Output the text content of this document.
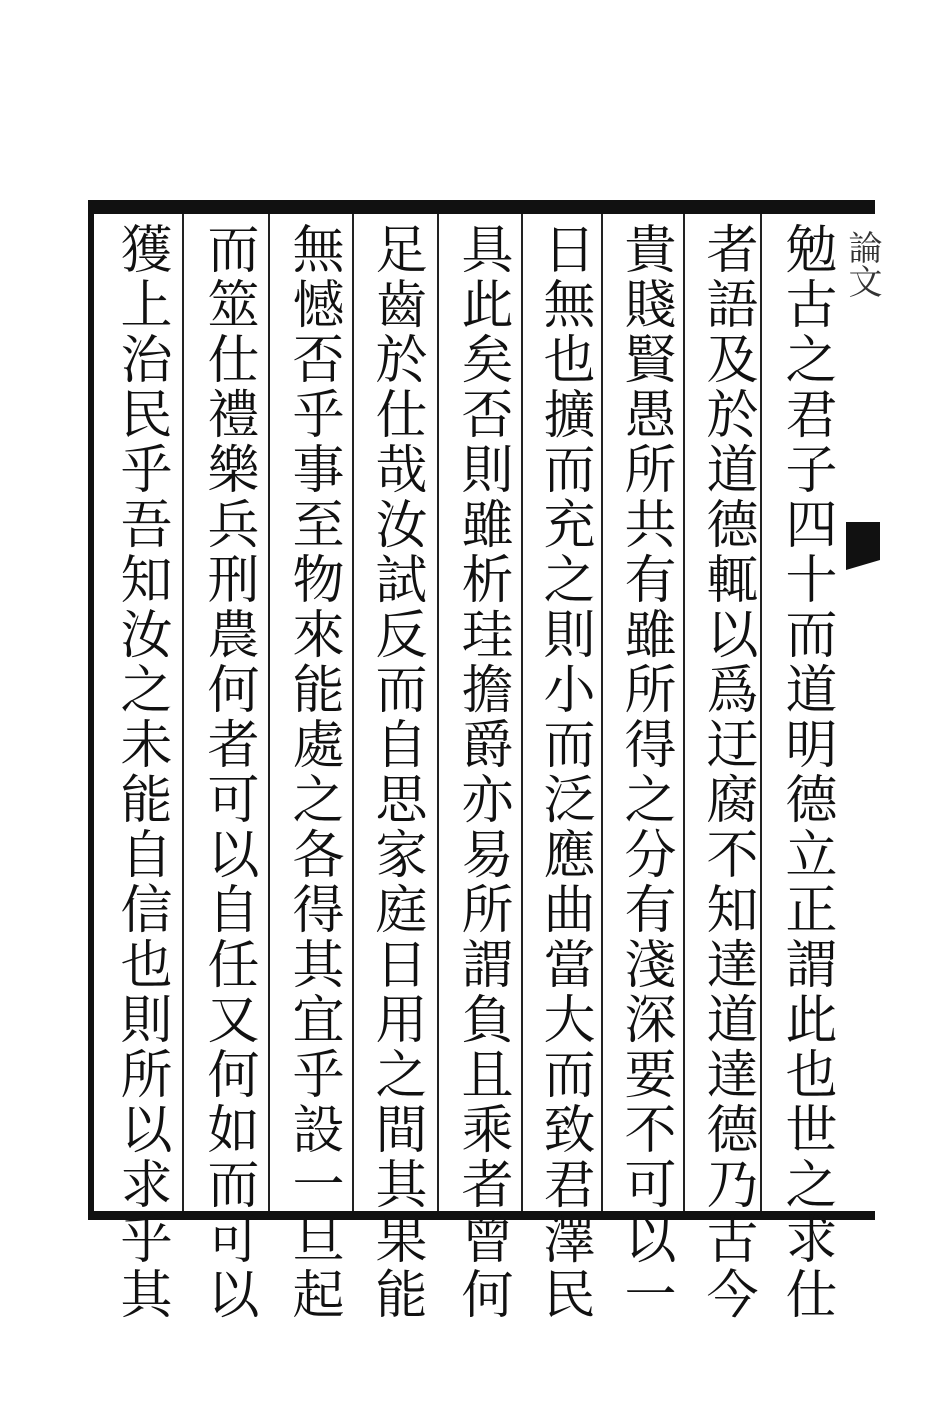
論文
勉古之君子四十而道明德立正謂此也世之求仕
者語及於道德輒以爲迂腐不知達道達德乃古今
貴賤賢愚所共有雖所得之分有淺深要不可以一
日無也擴而充之則小而泛應曲當大而致君澤民
具此矣否則雖析珪擔爵亦易所謂負且乘者曾何
足齒於仕哉汝試反而自思家庭日用之間其果能
無憾否乎事至物來能處之各得其宜乎設一旦起
而筮仕禮樂兵刑農何者可以自任又何如而可以
獲上治民乎吾知汝之未能自信也則所以求乎其
